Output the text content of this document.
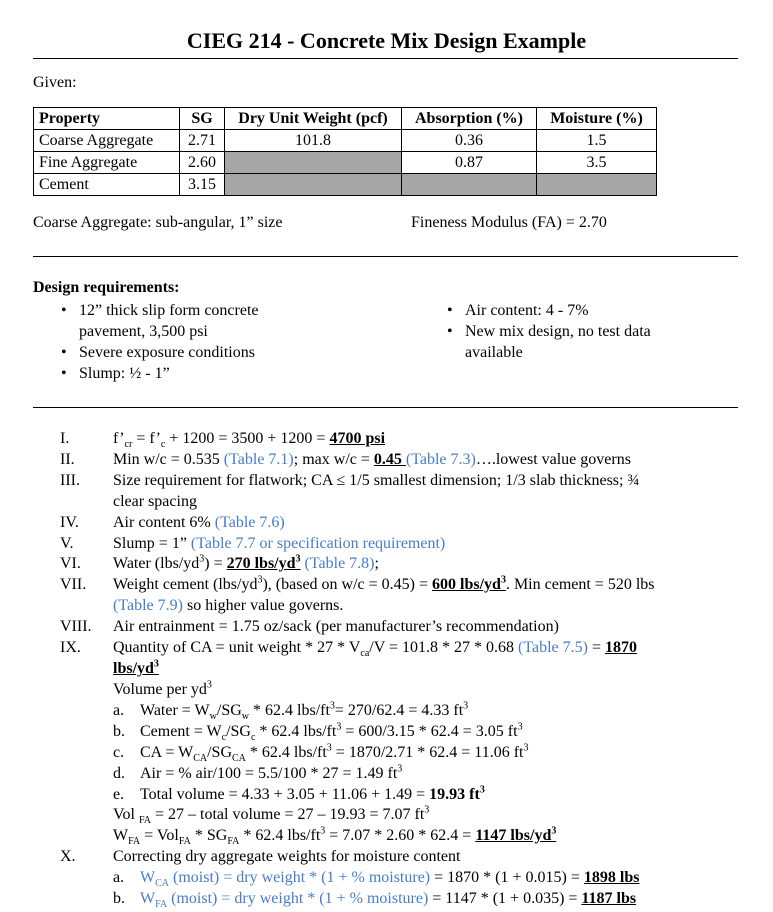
CIEG 214 - Concrete Mix Design Example
Given:
Property	SG	Dry Unit Weight (pcf)	Absorption (%)	Moisture (%)
Coarse Aggregate	2.71	101.8	0.36	1.5
Fine Aggregate	2.60		0.87	3.5
Cement	3.15			
Coarse Aggregate: sub-angular, 1” size	Fineness Modulus (FA) = 2.70
Design requirements:
• 12” thick slip form concrete
pavement, 3,500 psi
• Severe exposure conditions
• Slump: ½ - 1”
• Air content: 4 - 7%
• New mix design, no test data
available
I.	$f’_{cr}$ = $f’_c + 1200 = 3500 + 1200 = 4700$ psi
II. Min w/c = 0.535 (Table 7.1); max w/c = 0.45 (Table 7.3)….lowest value governs
III. Size requirement for flatwork; CA ≤ 1/5 smallest dimension; 1/3 slab thickness; ¾
clear spacing
IV. Air content 6% (Table 7.6)
V. Slump = 1” (Table 7.7 or specification requirement)
VI. Water $(lbs/yd^3) = 270$ lbs/$yd^3$ (Table 7.8);
VII. Weight cement $(lbs/yd^3)$, (based on w/c = 0.45) = 600 lbs/$yd^3$. Min cement = 520 lbs
(Table 7.9) so higher value governs.
VIII. Air entrainment = 1.75 oz/sack (per manufacturer’s recommendation)
IX. Quantity of CA = unit weight * $27 * V_{ca}/V = 101.8 * 27 * 0.68$ (Table 7.5) = 1870
lbs/$yd^3$
Volume per $yd^3$
a. Water = $W_w/SG_w * 62.4$ lbs/$ft^3= 270/62.4 = 4.33$ $ft^3$
b. Cement = $W_c/SG_c * 62.4$ lbs/$ft^3 = 600/3.15 * 62.4 = 3.05$ $ft^3$
c. CA = $W_{CA}/SG_{CA} * 62.4$ lbs/$ft^3 = 1870/2.71 * 62.4 = 11.06$ $ft^3$
d. Air = % air/100 = 5.5/100 * 27 = 1.49 $ft^3$
e. Total volume = 4.33 + 3.05 + 11.06 + 1.49 = 19.93 $ft^3$
Vol $_{FA}$ = 27 – total volume = 27 – 19.93 = 7.07 $ft^3$
$W_{FA} = Vol_{FA} * SG_{FA} * 62.4$ lbs/$ft^3 = 7.07 * 2.60 * 62.4 = 1147$ lbs/$yd^3$
X. Correcting dry aggregate weights for moisture content
a. $W_{CA}$ (moist) = dry weight * (1 + % moisture) = 1870 * (1 + 0.015) = 1898 lbs
b. $W_{FA}$ (moist) = dry weight * (1 + % moisture) = 1147 * (1 + 0.035) = 1187 lbs
